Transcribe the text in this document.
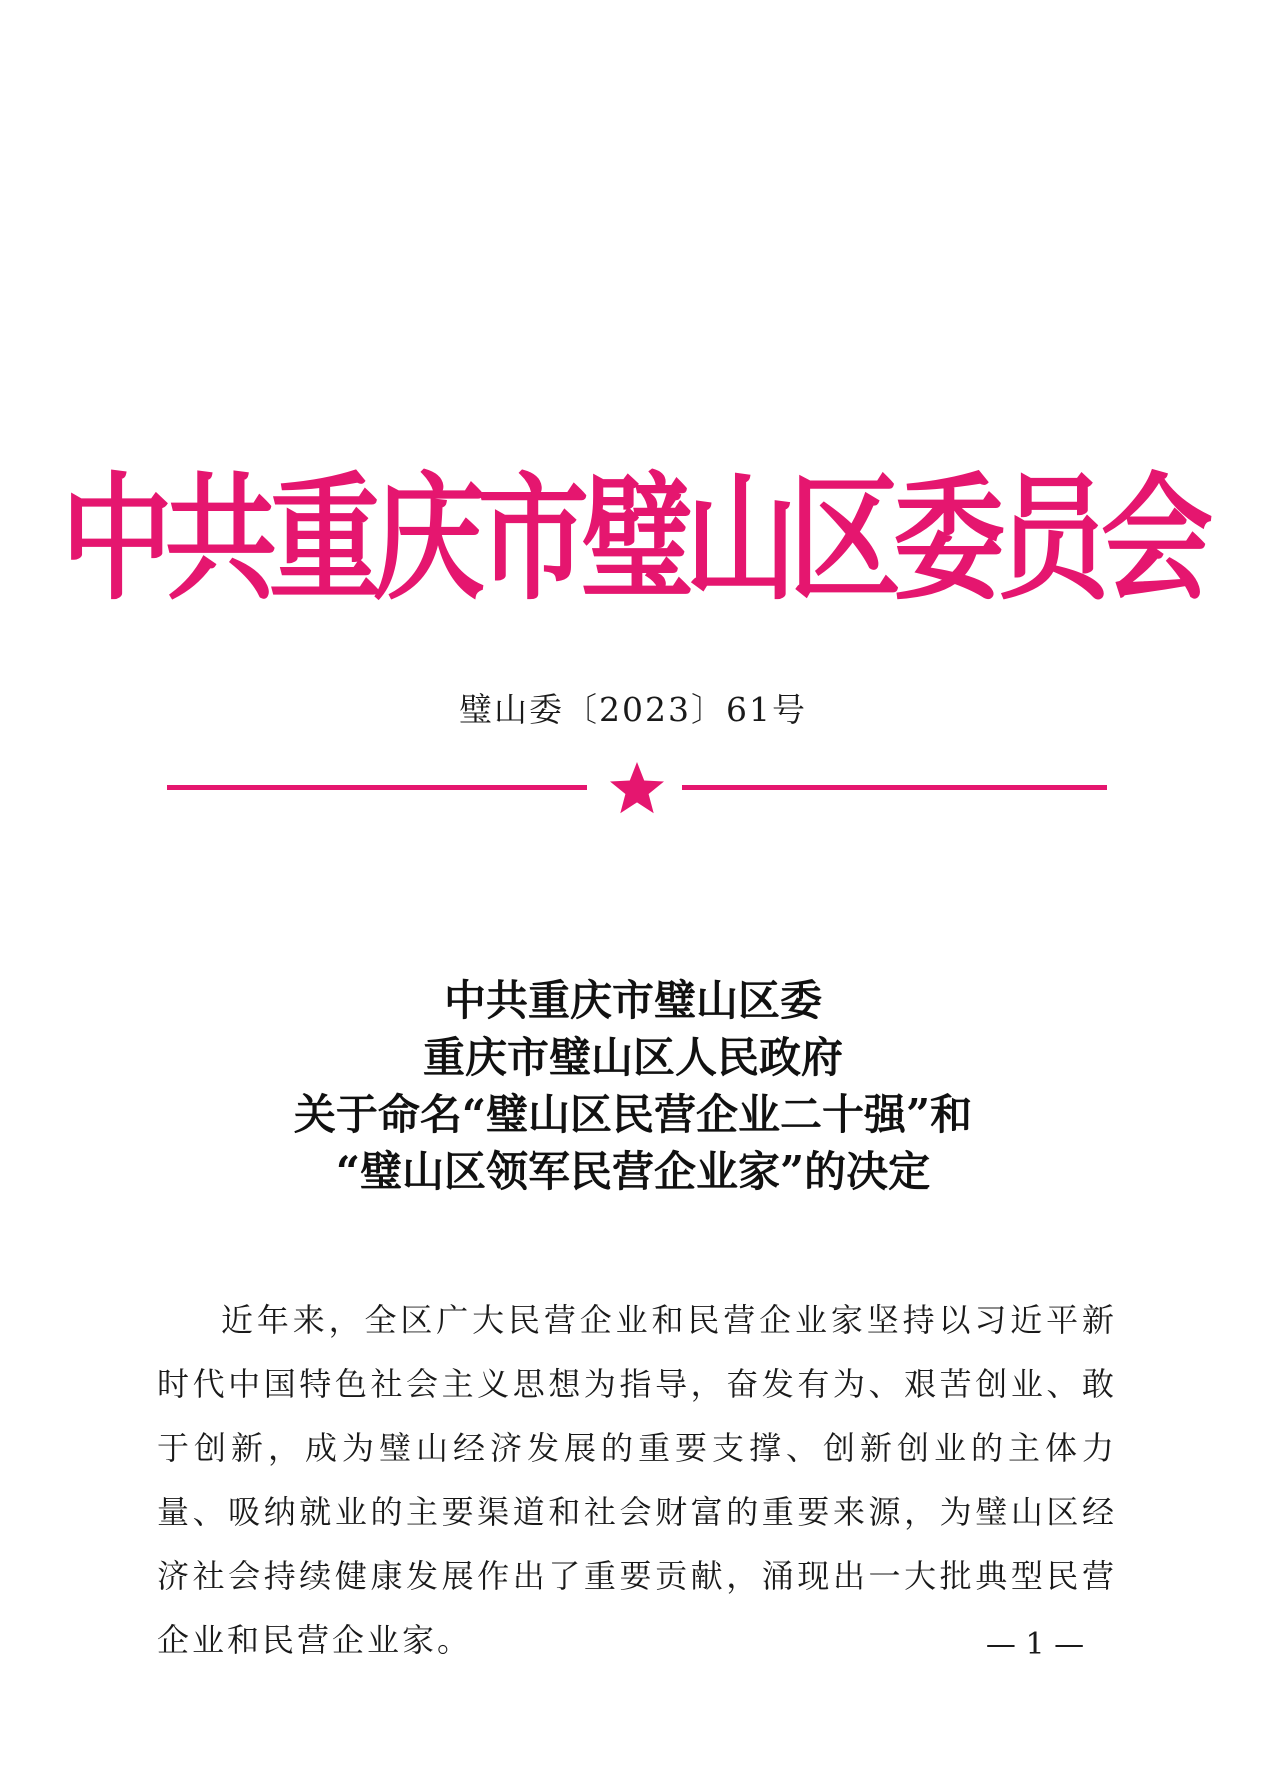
中共重庆市璧山区委员会
璧山委〔2023〕61号
中共重庆市璧山区委
重庆市璧山区人民政府
关于命名“璧山区民营企业二十强”和
“璧山区领军民营企业家”的决定

近年来，全区广大民营企业和民营企业家坚持以习近平新时代中国特色社会主义思想为指导，奋发有为、艰苦创业、敢于创新，成为璧山经济发展的重要支撑、创新创业的主体力量、吸纳就业的主要渠道和社会财富的重要来源，为璧山区经济社会持续健康发展作出了重要贡献，涌现出一大批典型民营企业和民营企业家。	— 1 —
